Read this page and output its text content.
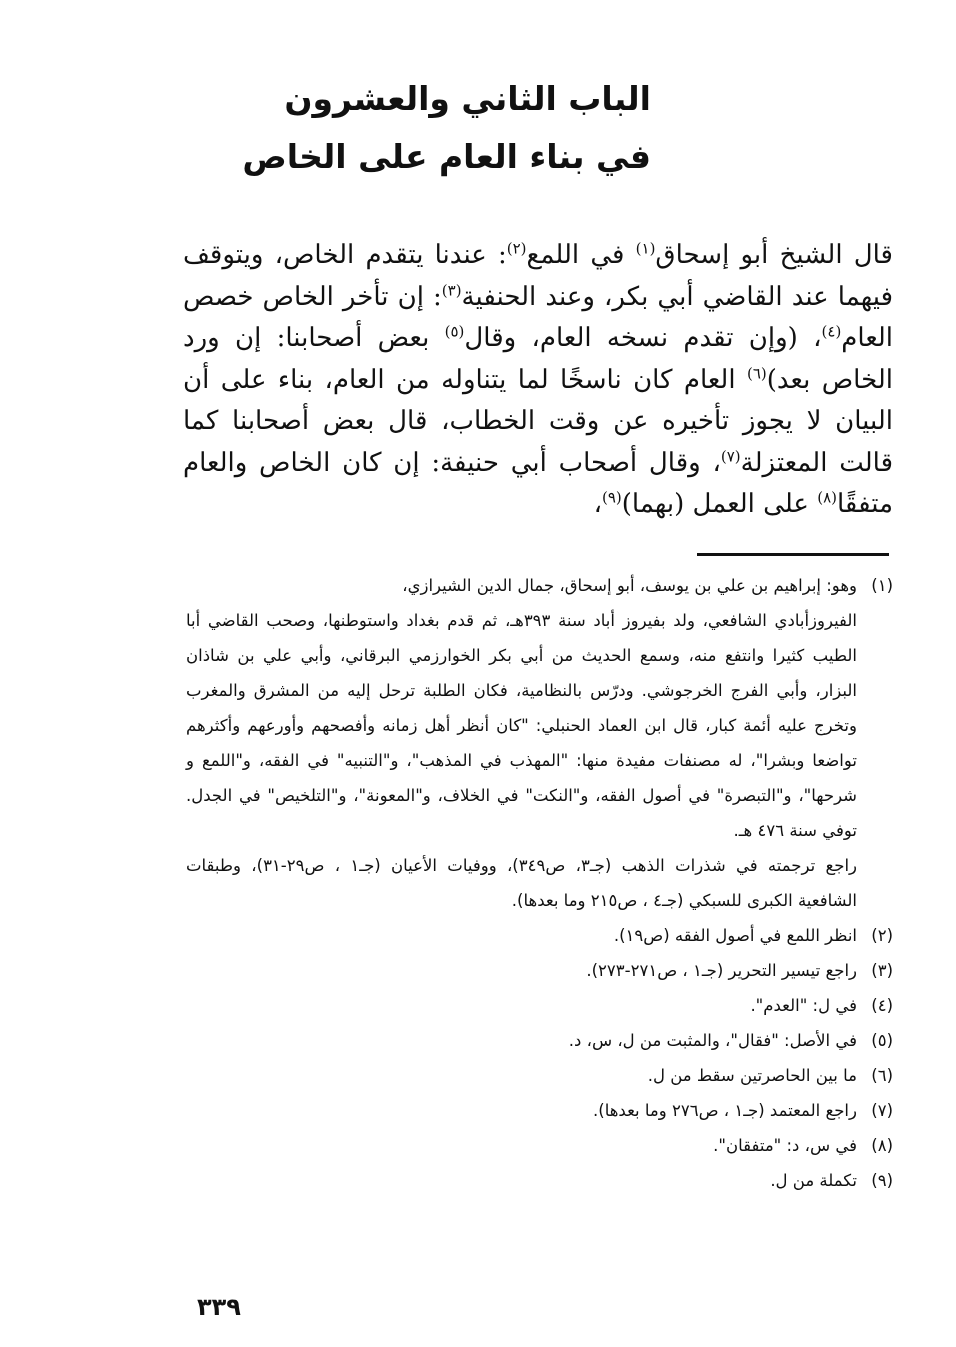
الباب الثاني والعشرون
في بناء العام على الخاص

قال الشيخ أبو إسحاق$^{(١)}$ في اللمع$^{(٢)}$: عندنا يتقدم الخاص، ويتوقف فيهما عند القاضي أبي بكر، وعند الحنفية$^{(٣)}$: إن تأخر الخاص خصص العام$^{(٤)}$، (وإن تقدم نسخه العام، وقال$^{(٥)}$ بعض أصحابنا: إن ورد الخاص بعد)$^{(٦)}$ العام كان ناسخًا لما يتناوله من العام، بناء على أن البيان لا يجوز تأخيره عن وقت الخطاب، قال بعض أصحابنا كما قالت المعتزلة$^{(٧)}$، وقال أصحاب أبي حنيفة: إن كان الخاص والعام متفقًا$^{(٨)}$ على العمل (بهما)$^{(٩)}$،

(١)
وهو: إبراهيم بن علي بن يوسف، أبو إسحاق، جمال الدين الشيرازي،
الفيروزأبادي الشافعي، ولد بفيروز أباد سنة ٣٩٣هـ، ثم قدم بغداد واستوطنها، وصحب القاضي أبا الطيب كثيرا وانتفع منه، وسمع الحديث من أبي بكر الخوارزمي البرقاني، وأبي علي بن شاذان البزار، وأبي الفرج الخرجوشي. ودرّس بالنظامية، فكان الطلبة ترحل إليه من المشرق والمغرب وتخرج عليه أئمة كبار، قال ابن العماد الحنبلي: "كان أنظر أهل زمانه وأفصحهم وأورعهم وأكثرهم تواضعا وبشرا"، له مصنفات مفيدة منها: "المهذب في المذهب"، و"التنبيه" في الفقه، و"اللمع و شرحها"، و"التبصرة" في أصول الفقه، و"النكت" في الخلاف، و"المعونة"، و"التلخيص" في الجدل. توفي سنة ٤٧٦ هـ.
راجع ترجمته في شذرات الذهب (جـ٣، ص٣٤٩)، ووفيات الأعيان (جـ١ ، ص٢٩-٣١)، وطبقات الشافعية الكبرى للسبكي (جـ٤ ، ص٢١٥ وما بعدها).
(٢)
انظر اللمع في أصول الفقه (ص١٩).
(٣)
راجع تيسير التحرير (جـ١ ، ص٢٧١-٢٧٣).
(٤)
في ل: "العدم".
(٥)
في الأصل: "فقال"، والمثبت من ل، س، د.
(٦)
ما بين الحاصرتين سقط من ل.
(٧)
راجع المعتمد (جـ١ ، ص٢٧٦ وما بعدها).
(٨)
في س، د: "متفقان".
(٩)
تكملة من ل.
٣٣٩
